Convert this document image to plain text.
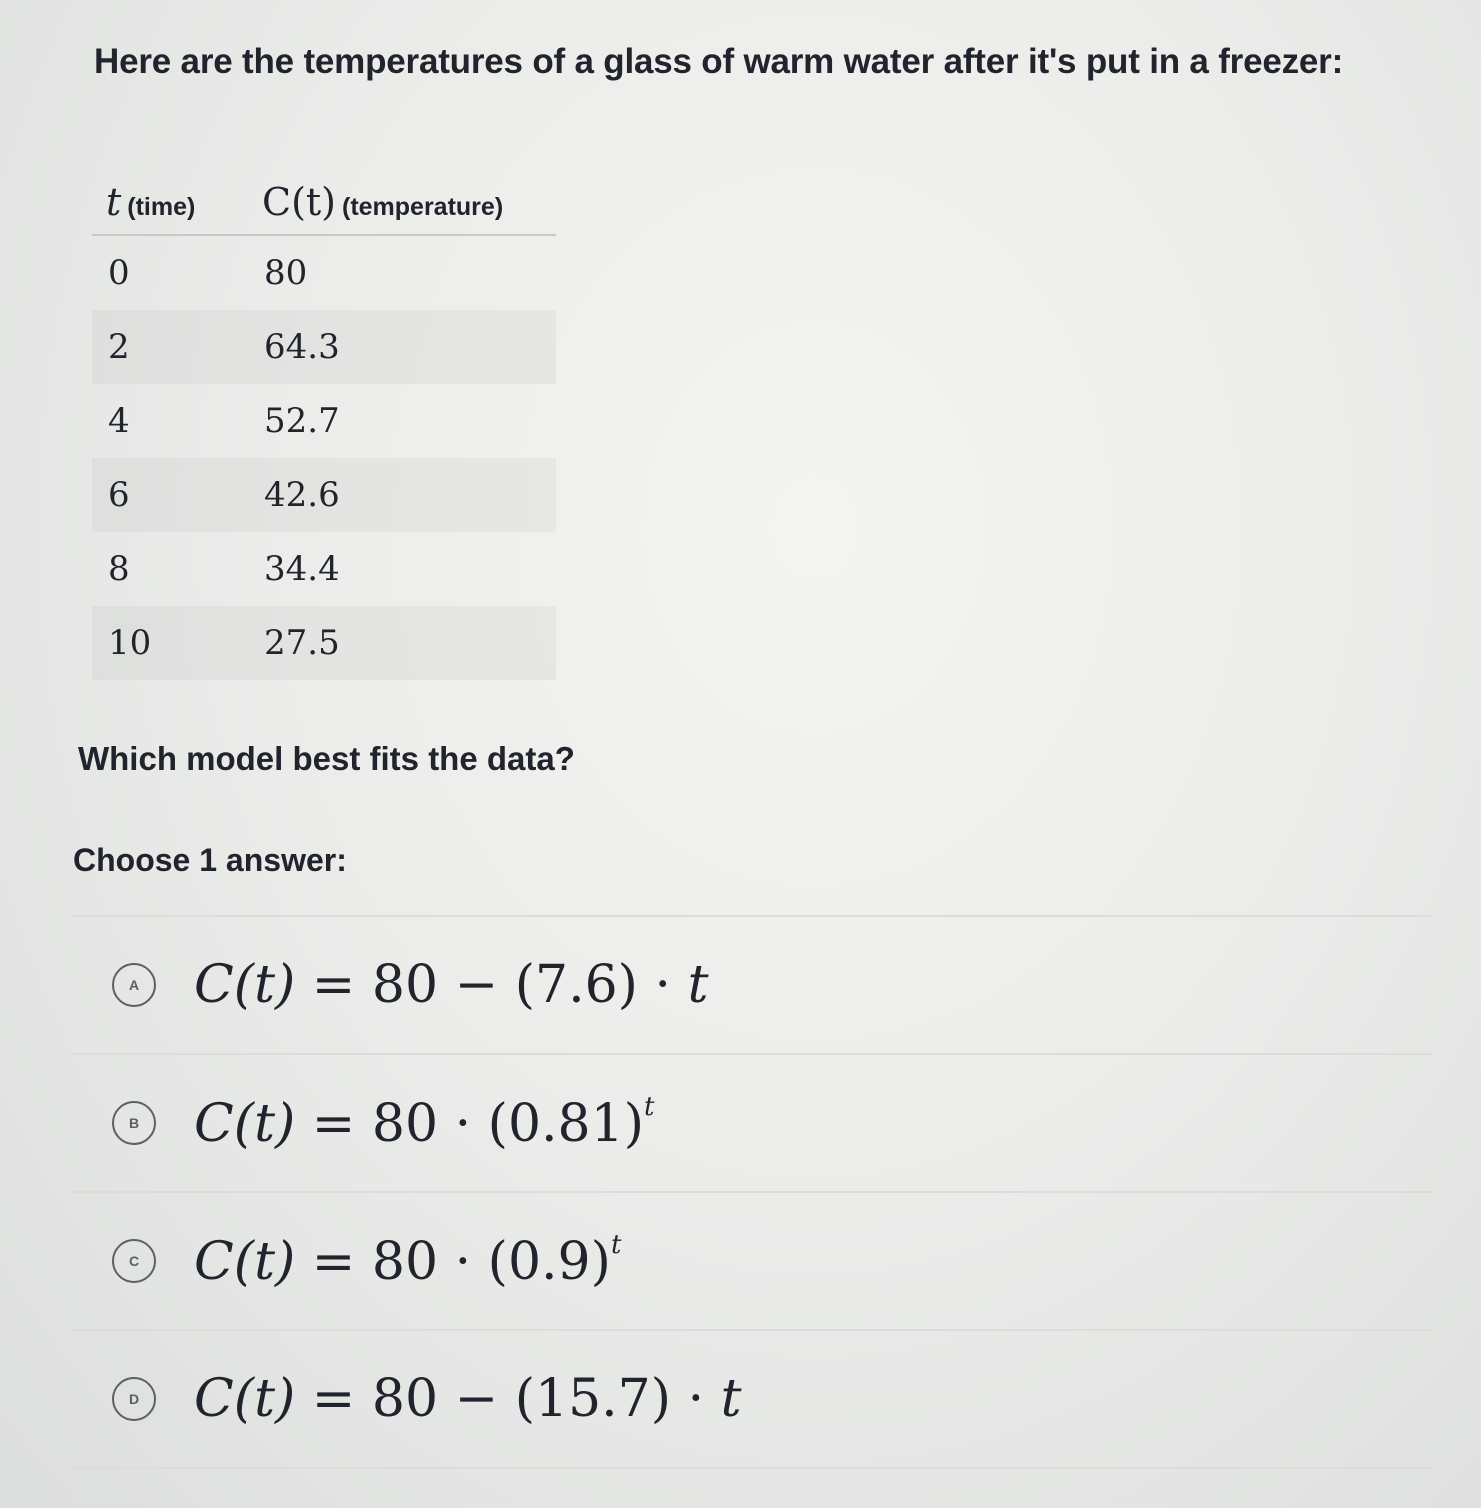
Here are the temperatures of a glass of warm water after it's put in a freezer:

t (time)	C(t) (temperature)
0	80
2	64.3
4	52.7
6	42.6
8	34.4
10	27.5

Which model best fits the data?

Choose 1 answer:

A	C(t) = 80 − (7.6) · t
B	$C(t) = 80 \cdot (0.81)^t$
C	$C(t) = 80 \cdot (0.9)^t$
D	C(t) = 80 − (15.7) · t
